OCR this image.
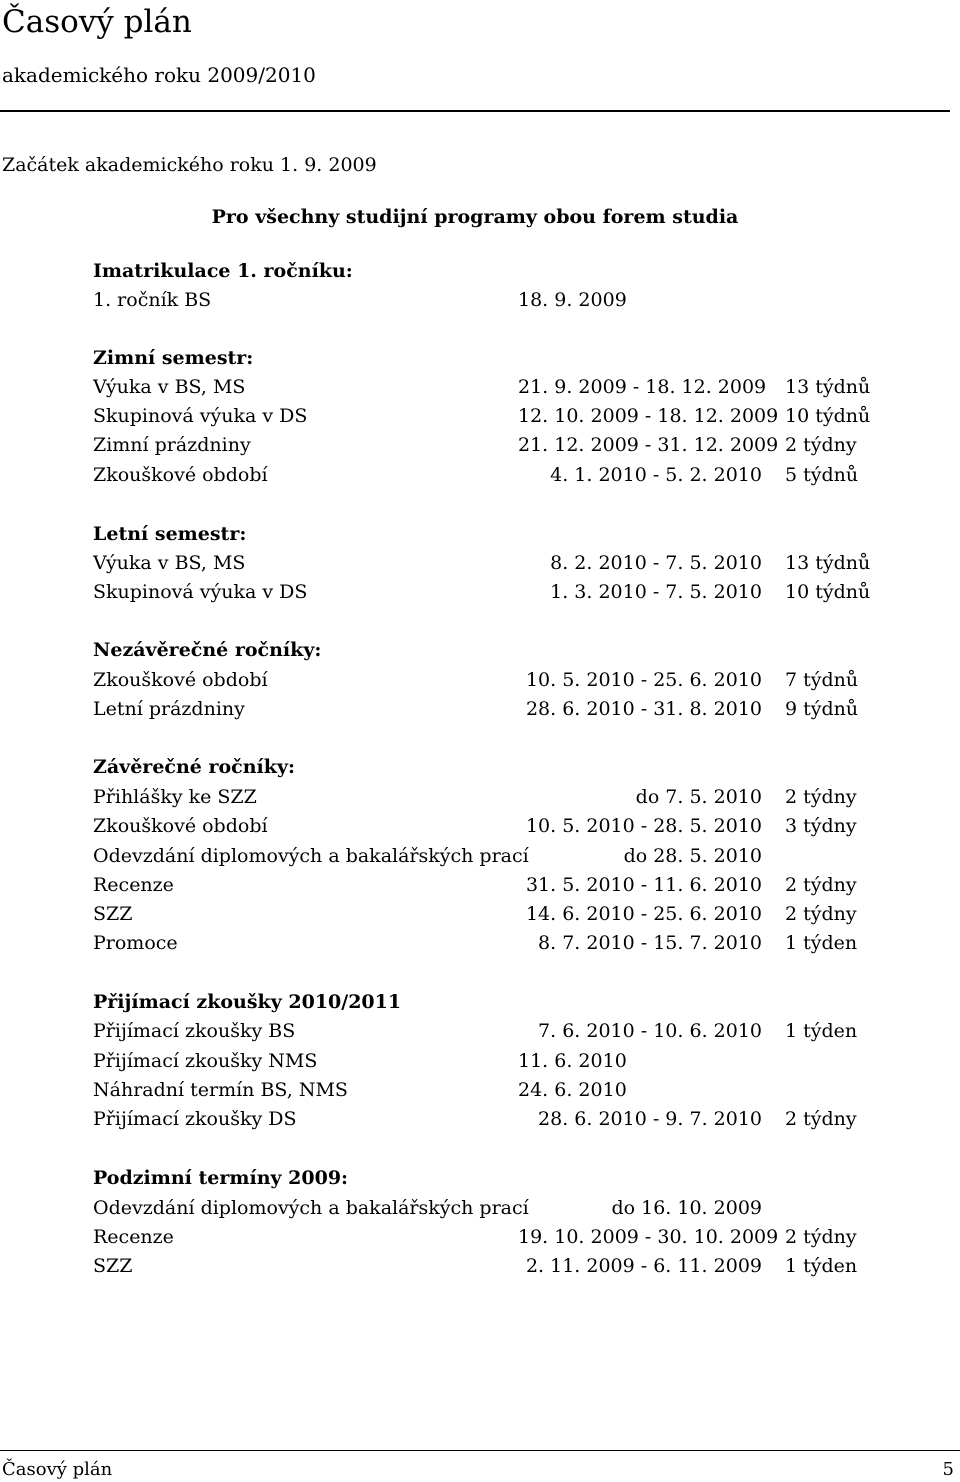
Časový plán
akademického roku 2009/2010
Začátek akademického roku 1. 9. 2009
Pro všechny studijní programy obou forem studia
Imatrikulace 1. ročníku:
1. ročník BS	18. 9. 2009
Zimní semestr:
Výuka v BS, MS	21. 9. 2009 - 18. 12. 2009 13 týdnů
Skupinová výuka v DS	12. 10. 2009 - 18. 12. 2009 10 týdnů
Zimní prázdniny	21. 12. 2009 - 31. 12. 2009 2 týdny
Zkouškové období	4. 1. 2010 - 5. 2. 2010 5 týdnů
Letní semestr:
Výuka v BS, MS	8. 2. 2010 - 7. 5. 2010 13 týdnů
Skupinová výuka v DS	1. 3. 2010 - 7. 5. 2010 10 týdnů
Nezávěrečné ročníky:
Zkouškové období	10. 5. 2010 - 25. 6. 2010 7 týdnů
Letní prázdniny	28. 6. 2010 - 31. 8. 2010 9 týdnů
Závěrečné ročníky:
Přihlášky ke SZZ	do 7. 5. 2010 2 týdny
Zkouškové období	10. 5. 2010 - 28. 5. 2010 3 týdny
Odevzdání diplomových a bakalářských prací	do 28. 5. 2010
Recenze	31. 5. 2010 - 11. 6. 2010 2 týdny
SZZ	14. 6. 2010 - 25. 6. 2010 2 týdny
Promoce	8. 7. 2010 - 15. 7. 2010 1 týden
Přijímací zkoušky 2010/2011
Přijímací zkoušky BS	7. 6. 2010 - 10. 6. 2010 1 týden
Přijímací zkoušky NMS	11. 6. 2010
Náhradní termín BS, NMS	24. 6. 2010
Přijímací zkoušky DS	28. 6. 2010 - 9. 7. 2010 2 týdny
Podzimní termíny 2009:
Odevzdání diplomových a bakalářských prací	do 16. 10. 2009
Recenze	19. 10. 2009 - 30. 10. 2009 2 týdny
SZZ	2. 11. 2009 - 6. 11. 2009 1 týden
Časový plán	5
